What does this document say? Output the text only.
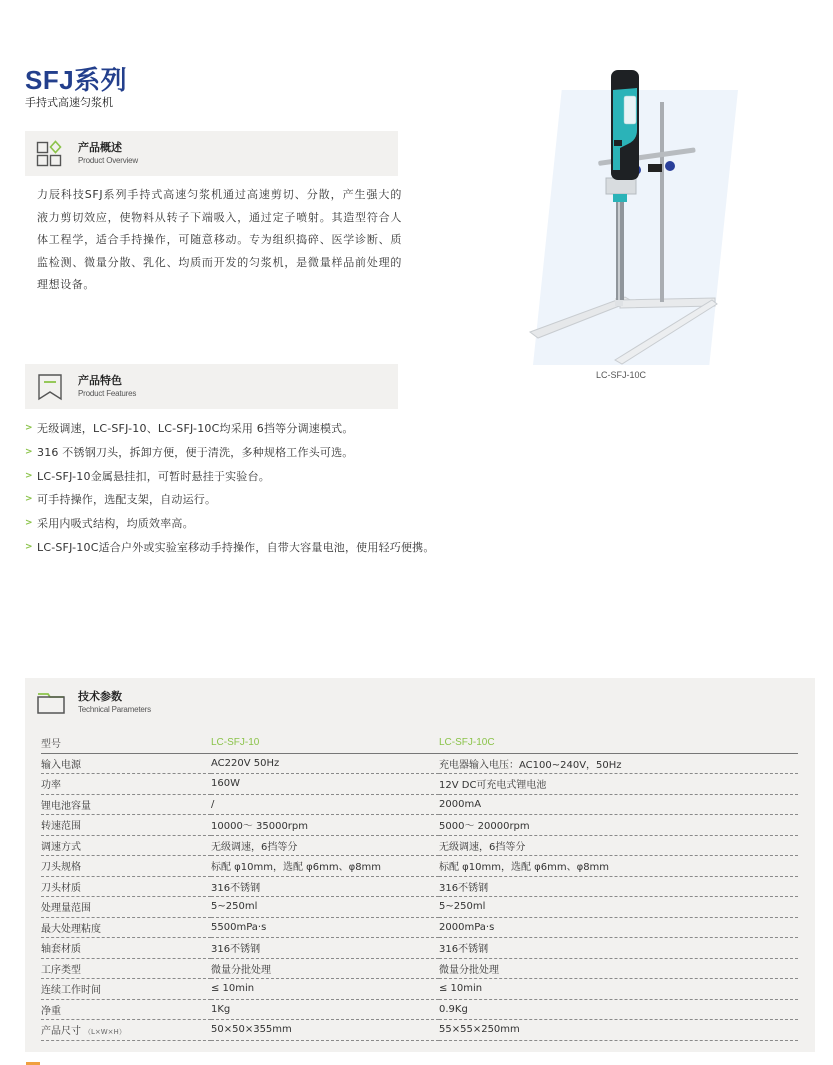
SFJ系列
手持式高速匀浆机
产品概述
Product Overview

力辰科技SFJ系列手持式高速匀浆机通过高速剪切、分散，产生强大的液力剪切效应，使物料从转子下端吸入，通过定子喷射。其造型符合人体工程学，适合手持操作，可随意移动。专为组织捣碎、医学诊断、质监检测、微量分散、乳化、均质而开发的匀浆机，是微量样品前处理的理想设备。

LC-SFJ-10C
产品特色
Product Features
> 无级调速，LC-SFJ-10、LC-SFJ-10C均采用 6挡等分调速模式。
> 316 不锈钢刀头，拆卸方便，便于清洗，多种规格工作头可选。
> LC-SFJ-10金属悬挂扣，可暂时悬挂于实验台。
> 可手持操作，选配支架，自动运行。
> 采用内吸式结构，均质效率高。
> LC-SFJ-10C适合户外或实验室移动手持操作，自带大容量电池，使用轻巧便携。
技术参数
Technical Parameters
型号	LC-SFJ-10	LC-SFJ-10C
输入电源	AC220V 50Hz	充电器输入电压：AC100~240V，50Hz
功率	160W	12V DC可充电式锂电池
锂电池容量	/	2000mA
转速范围	10000～ 35000rpm	5000～ 20000rpm
调速方式	无级调速，6挡等分	无级调速，6挡等分
刀头规格	标配 φ10mm，选配 φ6mm、φ8mm	标配 φ10mm，选配 φ6mm、φ8mm
刀头材质	316不锈钢	316不锈钢
处理量范围	5~250ml	5~250ml
最大处理粘度	5500mPa·s	2000mPa·s
轴套材质	316不锈钢	316不锈钢
工序类型	微量分批处理	微量分批处理
连续工作时间	≤ 10min	≤ 10min
净重	1Kg	0.9Kg
产品尺寸 （L×W×H）	50×50×355mm	55×55×250mm
